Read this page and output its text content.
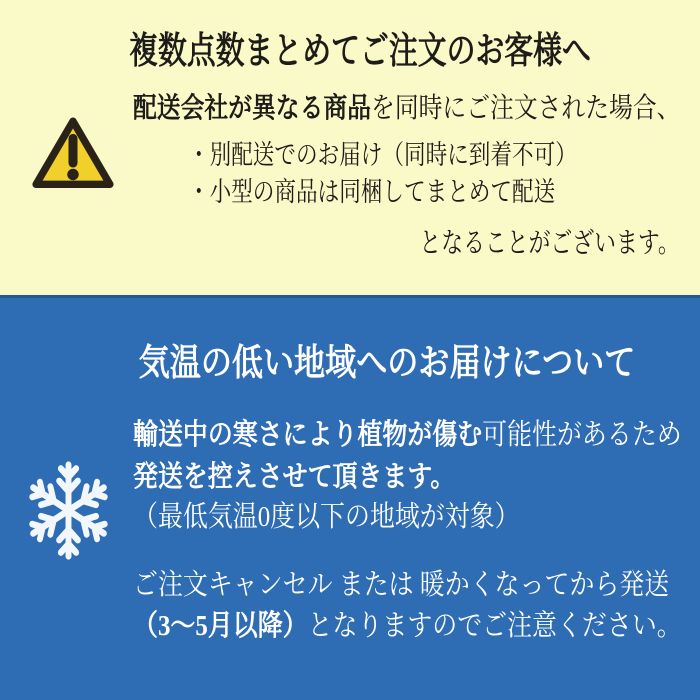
複数点数まとめてご注文のお客様へ

配送会社が異なる商品を同時にご注文された場合、

・別配送でのお届け（同時に到着不可）

・小型の商品は同梱してまとめて配送

となることがございます。

気温の低い地域へのお届けについて

輸送中の寒さにより植物が傷む可能性があるため

発送を控えさせて頂きます。

（最低気温0度以下の地域が対象）

ご注文キャンセル または 暖かくなってから発送

（3～5月以降）となりますのでご注意ください。
